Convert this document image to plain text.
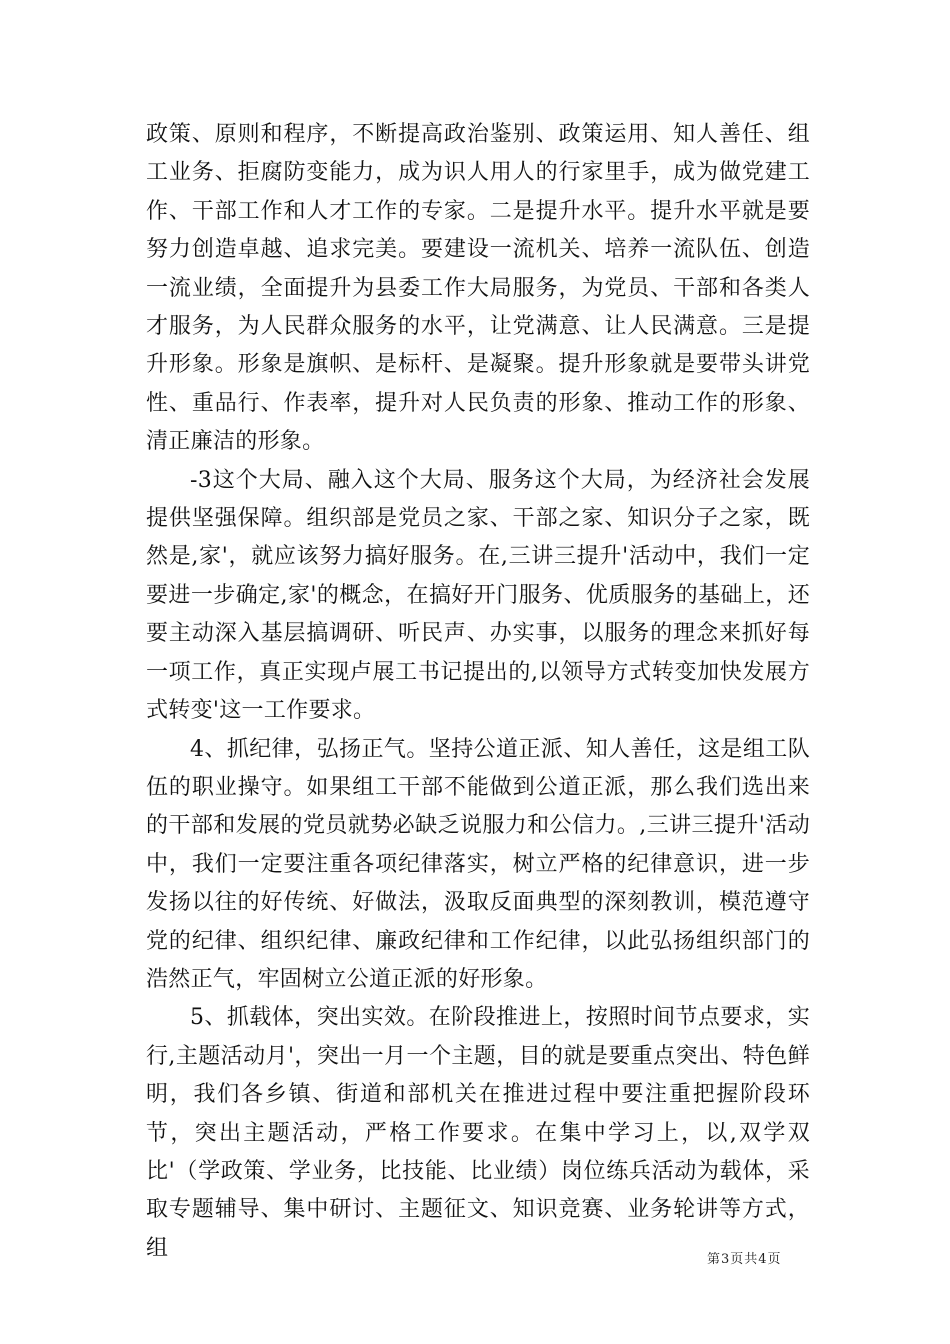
政策、原则和程序，不断提高政治鉴别、政策运用、知人善任、组工业务、拒腐防变能力，成为识人用人的行家里手，成为做党建工作、干部工作和人才工作的专家。二是提升水平。提升水平就是要努力创造卓越、追求完美。要建设一流机关、培养一流队伍、创造一流业绩，全面提升为县委工作大局服务，为党员、干部和各类人才服务，为人民群众服务的水平，让党满意、让人民满意。三是提升形象。形象是旗帜、是标杆、是凝聚。提升形象就是要带头讲党性、重品行、作表率，提升对人民负责的形象、推动工作的形象、清正廉洁的形象。

-3这个大局、融入这个大局、服务这个大局，为经济社会发展提供坚强保障。组织部是党员之家、干部之家、知识分子之家，既然是,家'，就应该努力搞好服务。在,三讲三提升'活动中，我们一定要进一步确定,家'的概念，在搞好开门服务、优质服务的基础上，还要主动深入基层搞调研、听民声、办实事，以服务的理念来抓好每一项工作，真正实现卢展工书记提出的,以领导方式转变加快发展方式转变'这一工作要求。

4、抓纪律，弘扬正气。坚持公道正派、知人善任，这是组工队伍的职业操守。如果组工干部不能做到公道正派，那么我们选出来的干部和发展的党员就势必缺乏说服力和公信力。,三讲三提升'活动中，我们一定要注重各项纪律落实，树立严格的纪律意识，进一步发扬以往的好传统、好做法，汲取反面典型的深刻教训，模范遵守党的纪律、组织纪律、廉政纪律和工作纪律，以此弘扬组织部门的浩然正气，牢固树立公道正派的好形象。

5、抓载体，突出实效。在阶段推进上，按照时间节点要求，实行,主题活动月'，突出一月一个主题，目的就是要重点突出、特色鲜明，我们各乡镇、街道和部机关在推进过程中要注重把握阶段环节，突出主题活动，严格工作要求。在集中学习上，以,双学双比'（学政策、学业务，比技能、比业绩）岗位练兵活动为载体，采取专题辅导、集中研讨、主题征文、知识竞赛、业务轮讲等方式，组	第3页共4页
